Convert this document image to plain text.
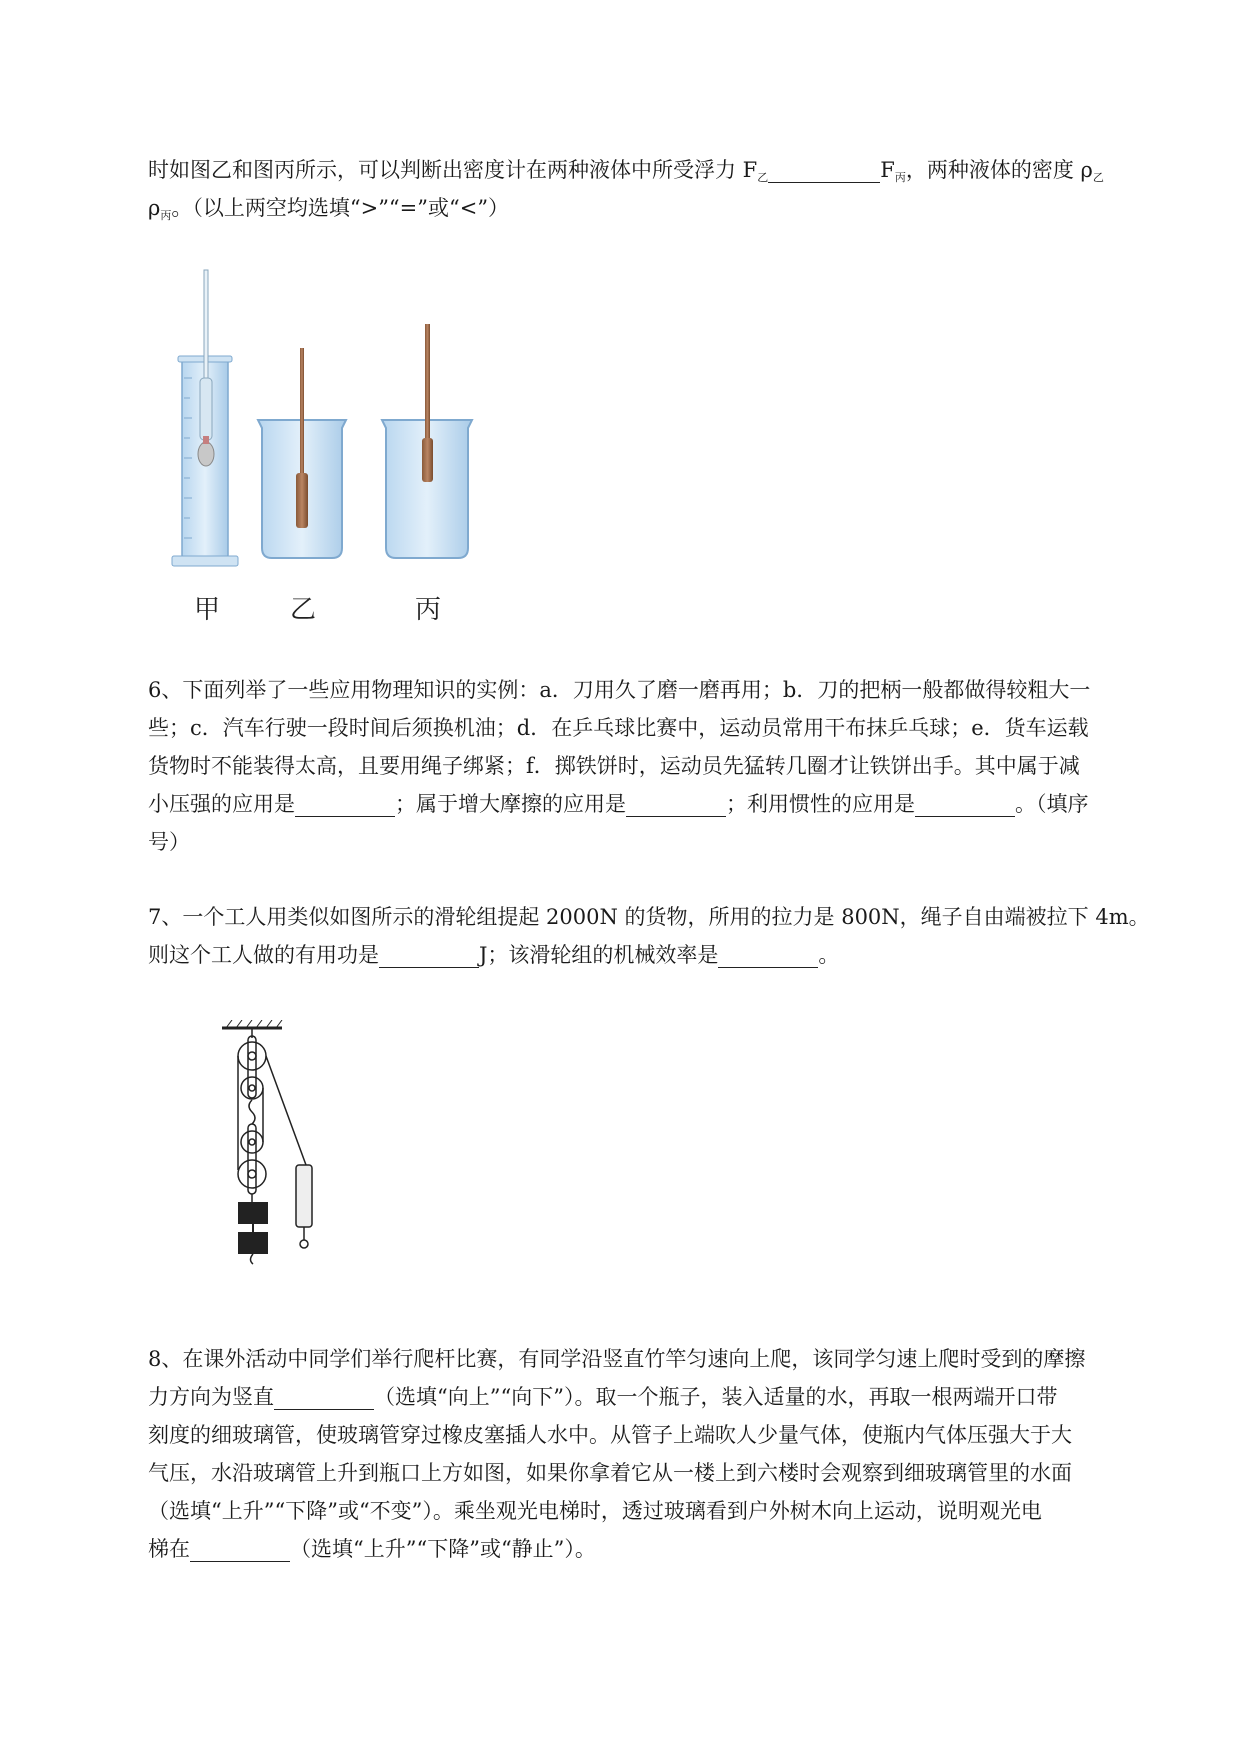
时如图乙和图丙所示，可以判断出密度计在两种液体中所受浮力 $F_乙$	$F_丙$，两种液体的密度 $\rho_乙$
$\rho_丙$。（以上两空均选填“>”“=”或“<”）
甲	乙	丙
6、下面列举了一些应用物理知识的实例：a．刀用久了磨一磨再用；b．刀的把柄一般都做得较粗大一
些；c．汽车行驶一段时间后须换机油；d．在乒乓球比赛中，运动员常用干布抹乒乓球；e．货车运载
货物时不能装得太高，且要用绳子绑紧；f．掷铁饼时，运动员先猛转几圈才让铁饼出手。其中属于减
小压强的应用是	；属于增大摩擦的应用是	；利用惯性的应用是	。（填序
号）
7、一个工人用类似如图所示的滑轮组提起 2000N 的货物，所用的拉力是 800N，绳子自由端被拉下 4m。
则这个工人做的有用功是	J；该滑轮组的机械效率是	。
8、在课外活动中同学们举行爬杆比赛，有同学沿竖直竹竿匀速向上爬，该同学匀速上爬时受到的摩擦
力方向为竖直	（选填“向上”“向下”）。取一个瓶子，装入适量的水，再取一根两端开口带
刻度的细玻璃管，使玻璃管穿过橡皮塞插人水中。从管子上端吹人少量气体，使瓶内气体压强大于大
气压，水沿玻璃管上升到瓶口上方如图，如果你拿着它从一楼上到六楼时会观察到细玻璃管里的水面
（选填“上升”“下降”或“不变”）。乘坐观光电梯时，透过玻璃看到户外树木向上运动，说明观光电
梯在	（选填“上升”“下降”或“静止”）。
